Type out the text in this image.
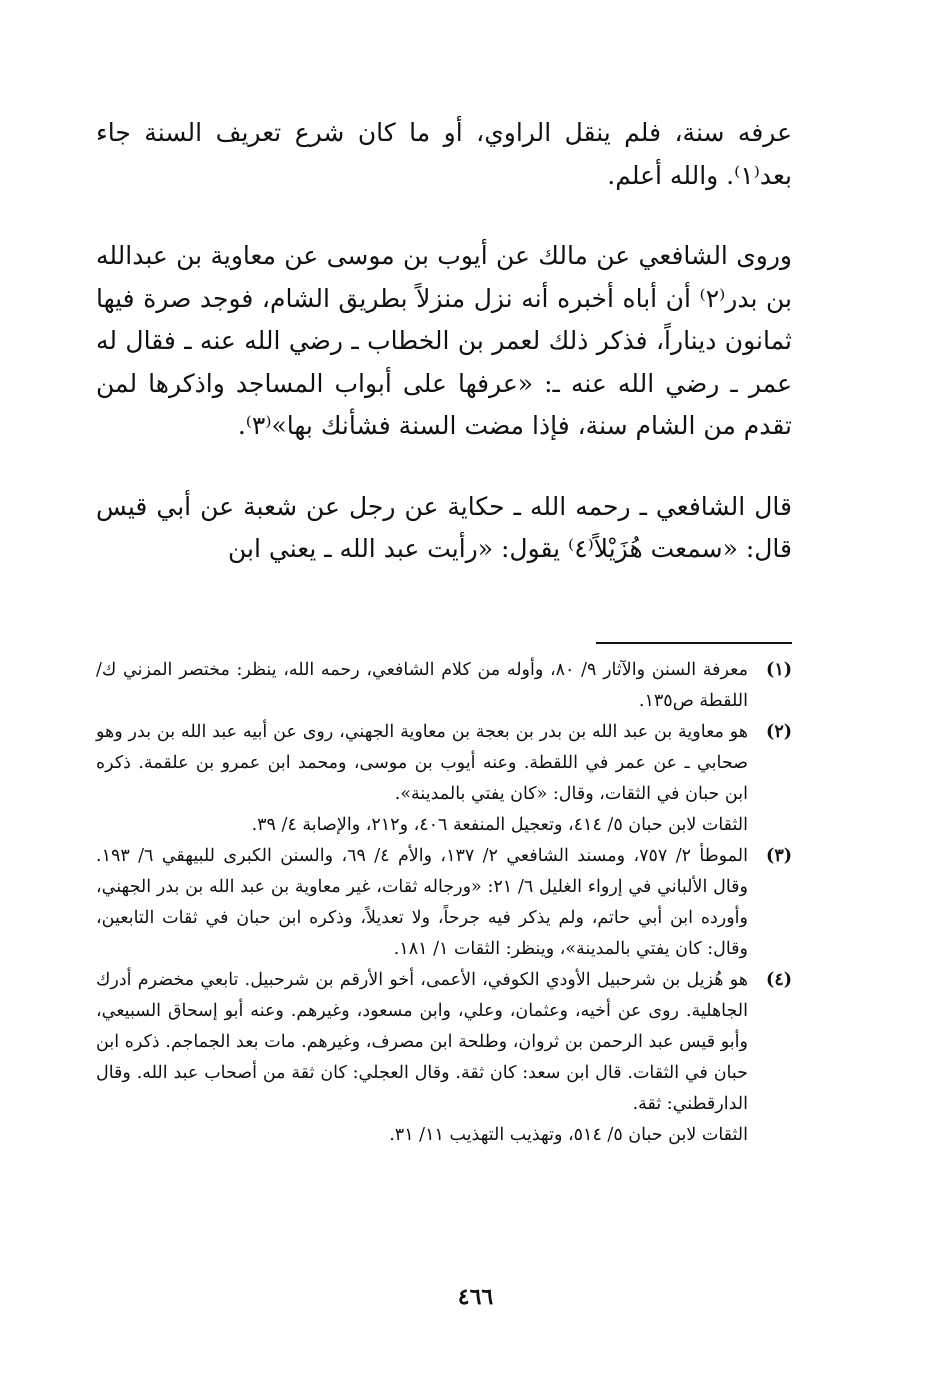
عرفه سنة، فلم ينقل الراوي، أو ما كان شرع تعريف السنة جاء بعد⁽١⁾. والله أعلم.

وروى الشافعي عن مالك عن أيوب بن موسى عن معاوية بن عبدالله بن بدر⁽٢⁾ أن أباه أخبره أنه نزل منزلاً بطريق الشام، فوجد صرة فيها ثمانون ديناراً، فذكر ذلك لعمر بن الخطاب ـ رضي الله عنه ـ فقال له عمر ـ رضي الله عنه ـ: «عرفها على أبواب المساجد واذكرها لمن تقدم من الشام سنة، فإذا مضت السنة فشأنك بها»⁽٣⁾.

قال الشافعي ـ رحمه الله ـ حكاية عن رجل عن شعبة عن أبي قيس قال: «سمعت هُزَيْلاً⁽٤⁾ يقول: «رأيت عبد الله ـ يعني ابن

(١)
معرفة السنن والآثار ٩/ ٨٠، وأوله من كلام الشافعي، رحمه الله، ينظر: مختصر المزني ك/ اللقطة ص١٣٥.
(٢)
هو معاوية بن عبد الله بن بدر بن بعجة بن معاوية الجهني، روى عن أبيه عبد الله بن بدر وهو صحابي ـ عن عمر في اللقطة. وعنه أيوب بن موسى، ومحمد ابن عمرو بن علقمة. ذكره ابن حبان في الثقات، وقال: «كان يفتي بالمدينة».
الثقات لابن حبان ٥/ ٤١٤، وتعجيل المنفعة ٤٠٦، و٢١٢، والإصابة ٤/ ٣٩.
(٣)
الموطأ ٢/ ٧٥٧، ومسند الشافعي ٢/ ١٣٧، والأم ٤/ ٦٩، والسنن الكبرى للبيهقي ٦/ ١٩٣. وقال الألباني في إرواء الغليل ٦/ ٢١: «ورجاله ثقات، غير معاوية بن عبد الله بن بدر الجهني، وأورده ابن أبي حاتم، ولم يذكر فيه جرحاً، ولا تعديلاً، وذكره ابن حبان في ثقات التابعين، وقال: كان يفتي بالمدينة»، وينظر: الثقات ١/ ١٨١.
(٤)
هو هُزيل بن شرحبيل الأودي الكوفي، الأعمى، أخو الأرقم بن شرحبيل. تابعي مخضرم أدرك الجاهلية. روى عن أخيه، وعثمان، وعلي، وابن مسعود، وغيرهم. وعنه أبو إسحاق السبيعي، وأبو قيس عبد الرحمن بن ثروان، وطلحة ابن مصرف، وغيرهم. مات بعد الجماجم. ذكره ابن حبان في الثقات. قال ابن سعد: كان ثقة. وقال العجلي: كان ثقة من أصحاب عبد الله. وقال الدارقطني: ثقة.
الثقات لابن حبان ٥/ ٥١٤، وتهذيب التهذيب ١١/ ٣١.
٤٦٦
